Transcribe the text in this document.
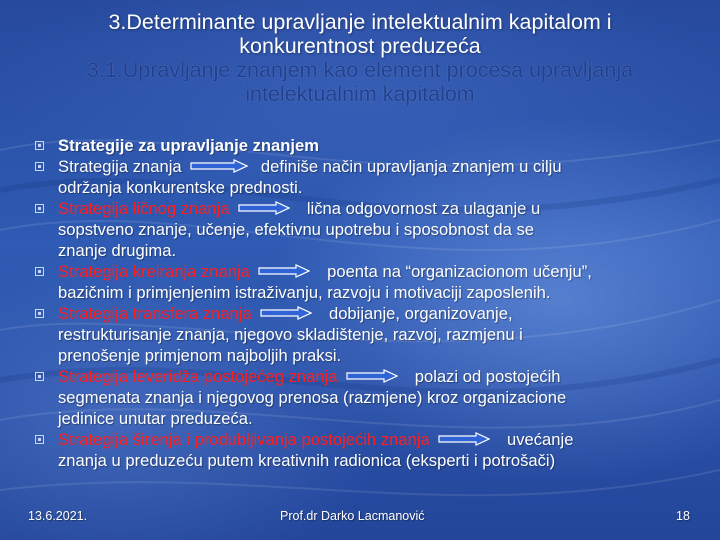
3.Determinante upravljanje intelektualnim kapitalom i
konkurentnost preduzeća
3.1.Upravljanje znanjem kao element procesa upravljanja
intelektualnim kapitalom
Strategije za upravljanje znanjem
Strategija znanja	definiše način upravljanja znanjem u cilju
održanja konkurentske prednosti.
Strategija ličnog znanja	lična odgovornost za ulaganje u
sopstveno znanje, učenje, efektivnu upotrebu i sposobnost da se
znanje drugima.
Strategija kreiranja znanja	poenta na “organizacionom učenju”,
bazičnim i primjenjenim istraživanju, razvoju i motivaciji zaposlenih.
Strategija transfera znanja	dobijanje, organizovanje,
restrukturisanje znanja, njegovo skladištenje, razvoj, razmjenu i
prenošenje primjenom najboljih praksi.
Strategija leveridža postojećeg znanja	polazi od postojećih
segmenata znanja i njegovog prenosa (razmjene) kroz organizacione
jedinice unutar preduzeća.
Strategija širenja i produbljivanja postojećih znanja	uvećanje
znanja u preduzeću putem kreativnih radionica (eksperti i potrošači)
13.6.2021.	Prof.dr Darko Lacmanović	18
